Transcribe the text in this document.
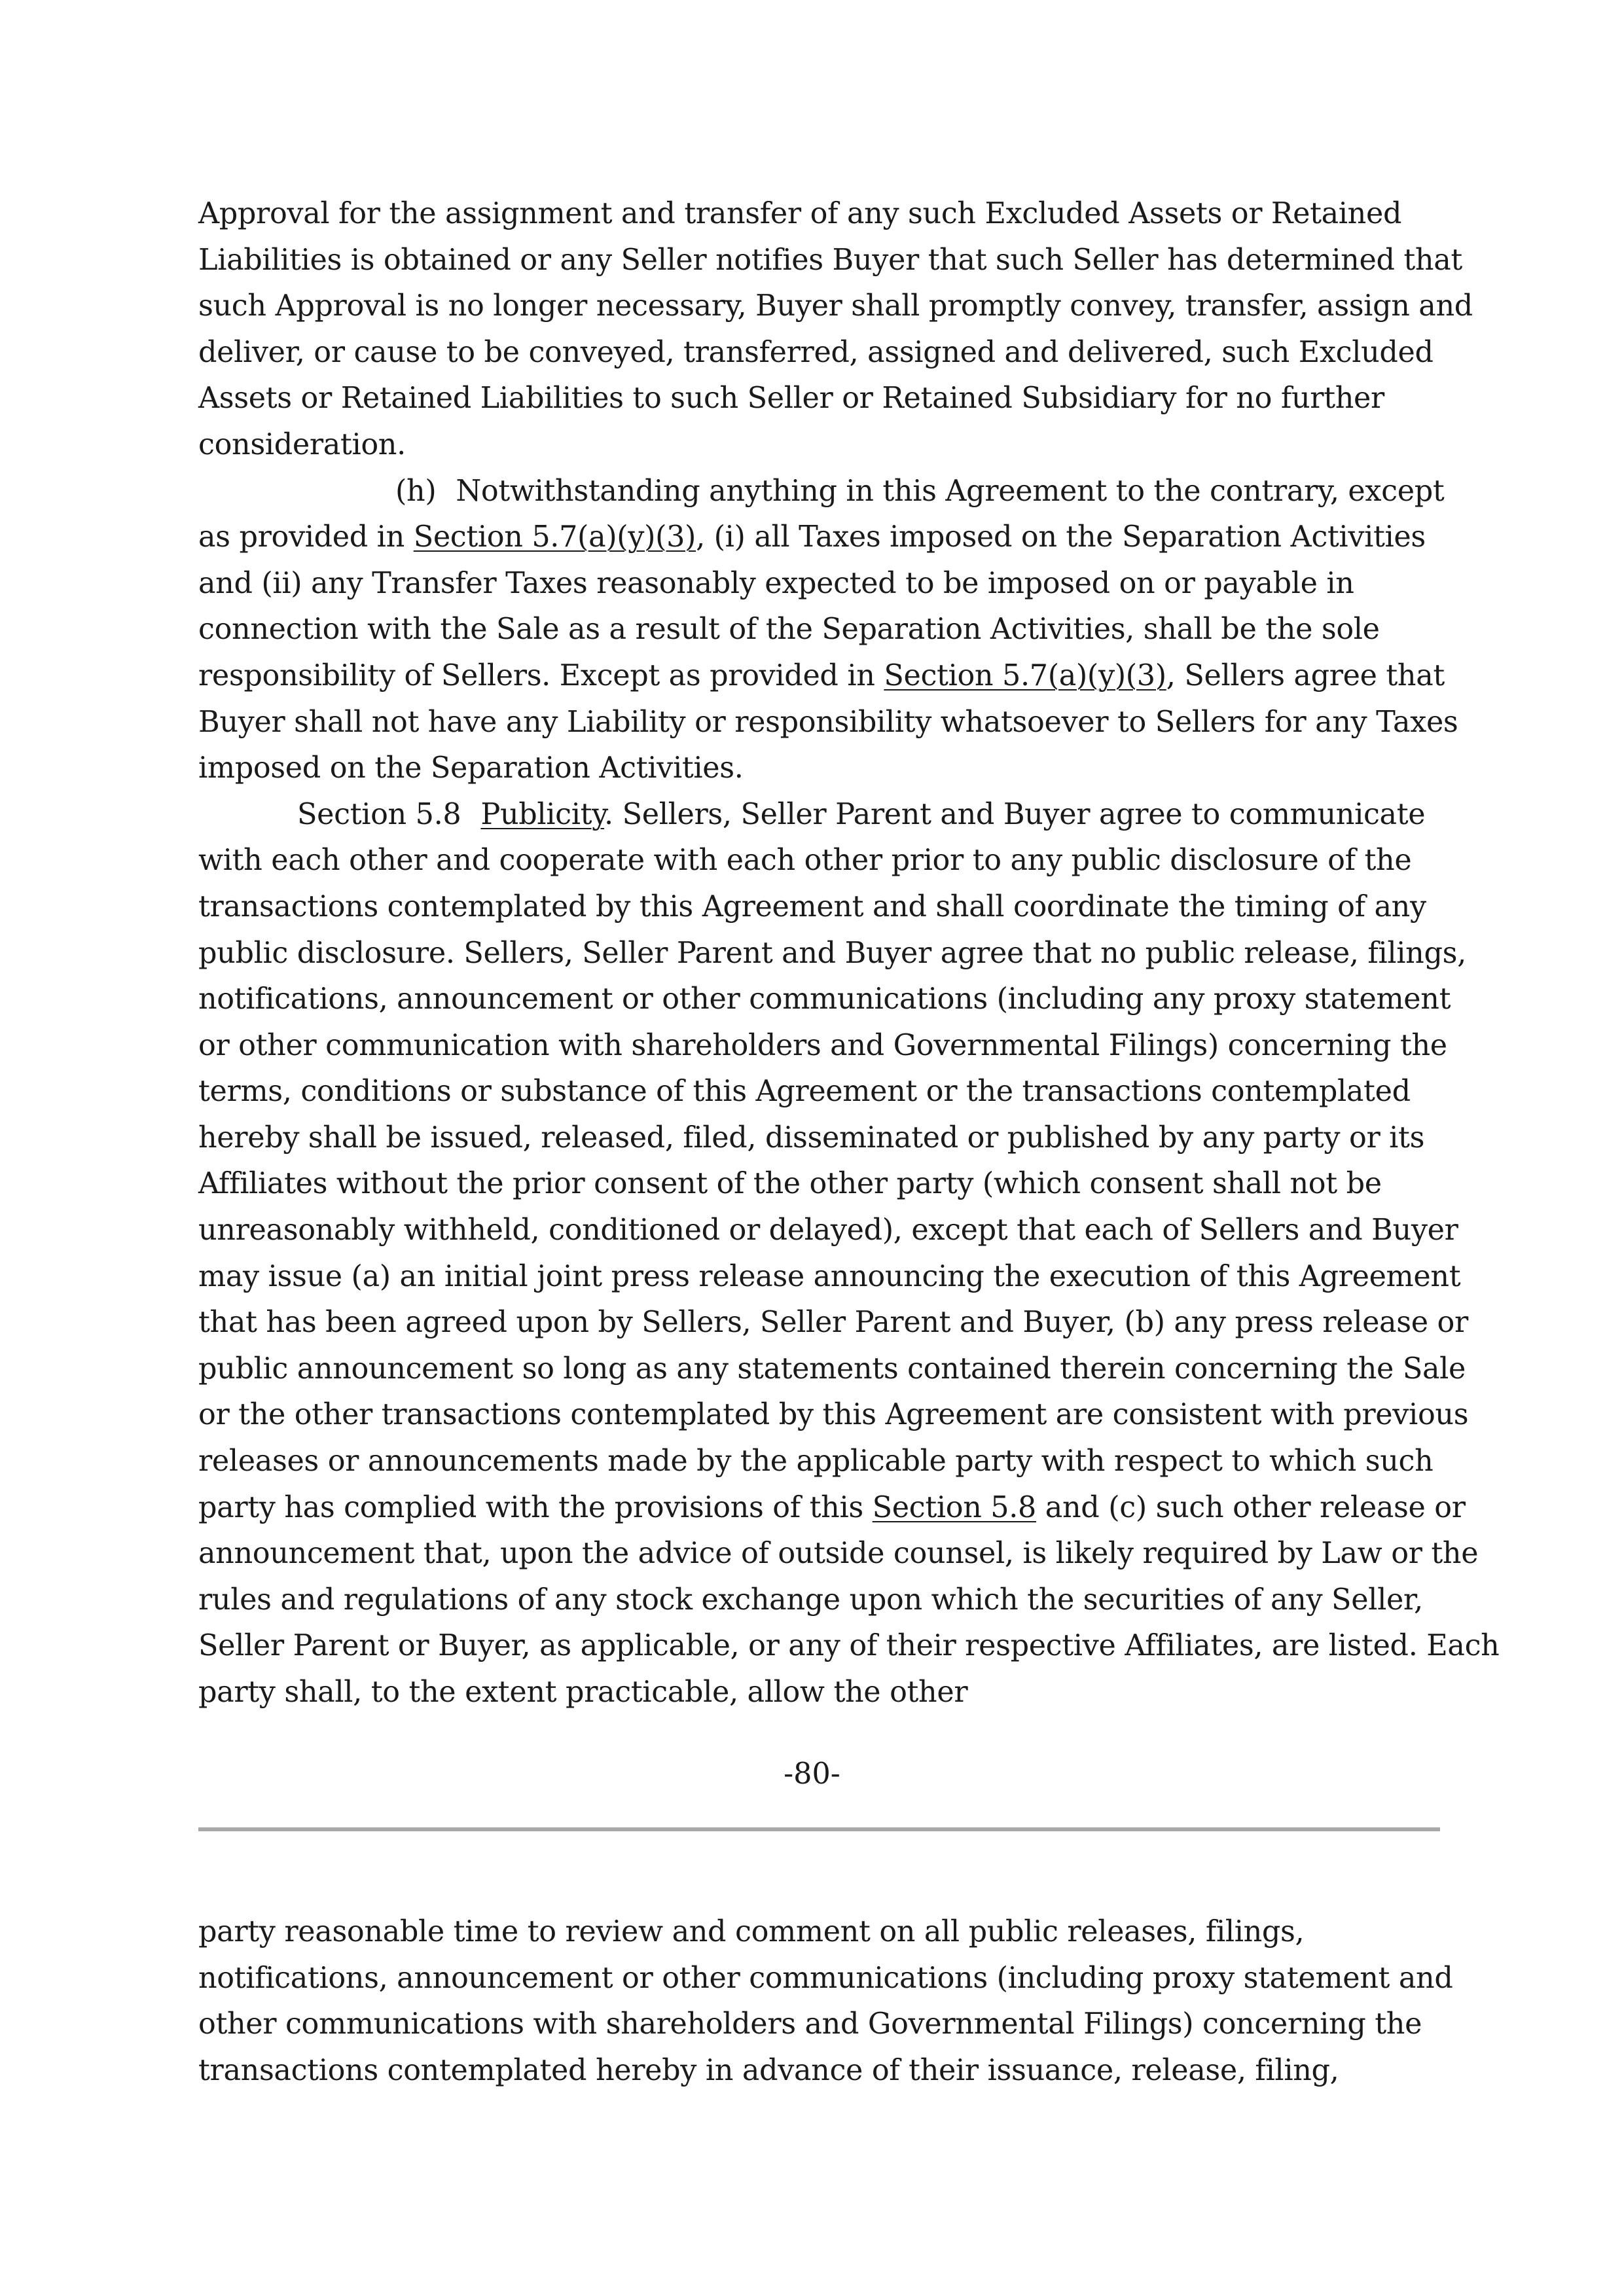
Approval for the assignment and transfer of any such Excluded Assets or Retained
Liabilities is obtained or any Seller notifies Buyer that such Seller has determined that
such Approval is no longer necessary, Buyer shall promptly convey, transfer, assign and
deliver, or cause to be conveyed, transferred, assigned and delivered, such Excluded
Assets or Retained Liabilities to such Seller or Retained Subsidiary for no further
consideration.
(h) Notwithstanding anything in this Agreement to the contrary, except
as provided in Section 5.7(a)(y)(3), (i) all Taxes imposed on the Separation Activities
and (ii) any Transfer Taxes reasonably expected to be imposed on or payable in
connection with the Sale as a result of the Separation Activities, shall be the sole
responsibility of Sellers. Except as provided in Section 5.7(a)(y)(3), Sellers agree that
Buyer shall not have any Liability or responsibility whatsoever to Sellers for any Taxes
imposed on the Separation Activities.
Section 5.8 Publicity. Sellers, Seller Parent and Buyer agree to communicate
with each other and cooperate with each other prior to any public disclosure of the
transactions contemplated by this Agreement and shall coordinate the timing of any
public disclosure. Sellers, Seller Parent and Buyer agree that no public release, filings,
notifications, announcement or other communications (including any proxy statement
or other communication with shareholders and Governmental Filings) concerning the
terms, conditions or substance of this Agreement or the transactions contemplated
hereby shall be issued, released, filed, disseminated or published by any party or its
Affiliates without the prior consent of the other party (which consent shall not be
unreasonably withheld, conditioned or delayed), except that each of Sellers and Buyer
may issue (a) an initial joint press release announcing the execution of this Agreement
that has been agreed upon by Sellers, Seller Parent and Buyer, (b) any press release or
public announcement so long as any statements contained therein concerning the Sale
or the other transactions contemplated by this Agreement are consistent with previous
releases or announcements made by the applicable party with respect to which such
party has complied with the provisions of this Section 5.8 and (c) such other release or
announcement that, upon the advice of outside counsel, is likely required by Law or the
rules and regulations of any stock exchange upon which the securities of any Seller,
Seller Parent or Buyer, as applicable, or any of their respective Affiliates, are listed. Each
party shall, to the extent practicable, allow the other
-80-
party reasonable time to review and comment on all public releases, filings,
notifications, announcement or other communications (including proxy statement and
other communications with shareholders and Governmental Filings) concerning the
transactions contemplated hereby in advance of their issuance, release, filing,
